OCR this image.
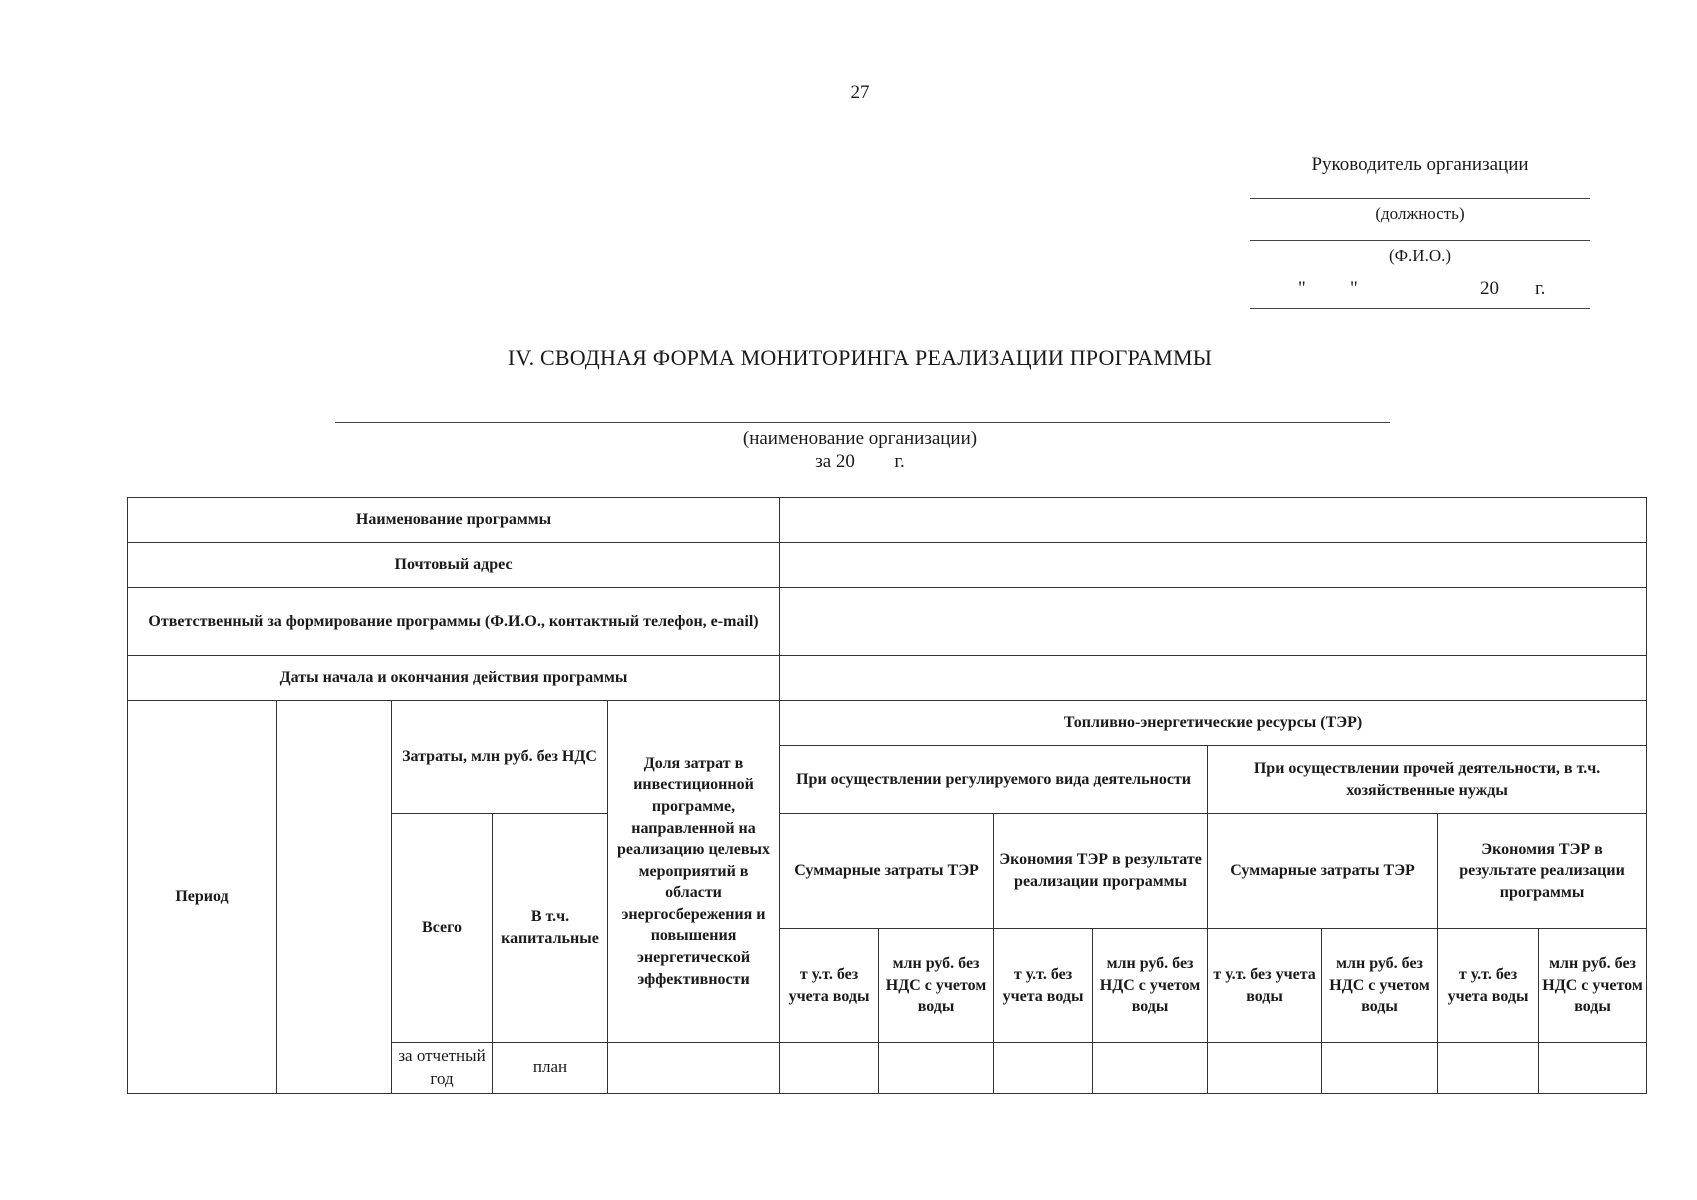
27
Руководитель организации
(должность)
(Ф.И.О.)
" "	20 г.
IV. СВОДНАЯ ФОРМА МОНИТОРИНГА РЕАЛИЗАЦИИ ПРОГРАММЫ
(наименование организации)
за 20 г.
Наименование программы													
Почтовый адрес													
Ответственный за формирование программы (Ф.И.О., контактный телефон, e-mail)													
Даты начала и окончания действия программы													
Период		Затраты, млн руб. без НДС		Доля затрат в инвестиционной программе, направленной на реализацию целевых мероприятий в области энергосбережения и повышения энергетической эффективности	Топливно-энергетические ресурсы (ТЭР)								
					При осуществлении регулируемого вида деятельности				При осуществлении прочей деятельности, в т.ч. хозяйственные нужды				
		Всего	В т.ч. капитальные		Суммарные затраты ТЭР		Экономия ТЭР в результате реализации программы		Суммарные затраты ТЭР		Экономия ТЭР в результате реализации программы		
					т у.т. без учета воды	млн руб. без НДС с учетом воды	т у.т. без учета воды	млн руб. без НДС с учетом воды	т у.т. без учета воды	млн руб. без НДС с учетом воды	т у.т. без учета воды	млн руб. без НДС с учетом воды	
		за отчетный год	план											
